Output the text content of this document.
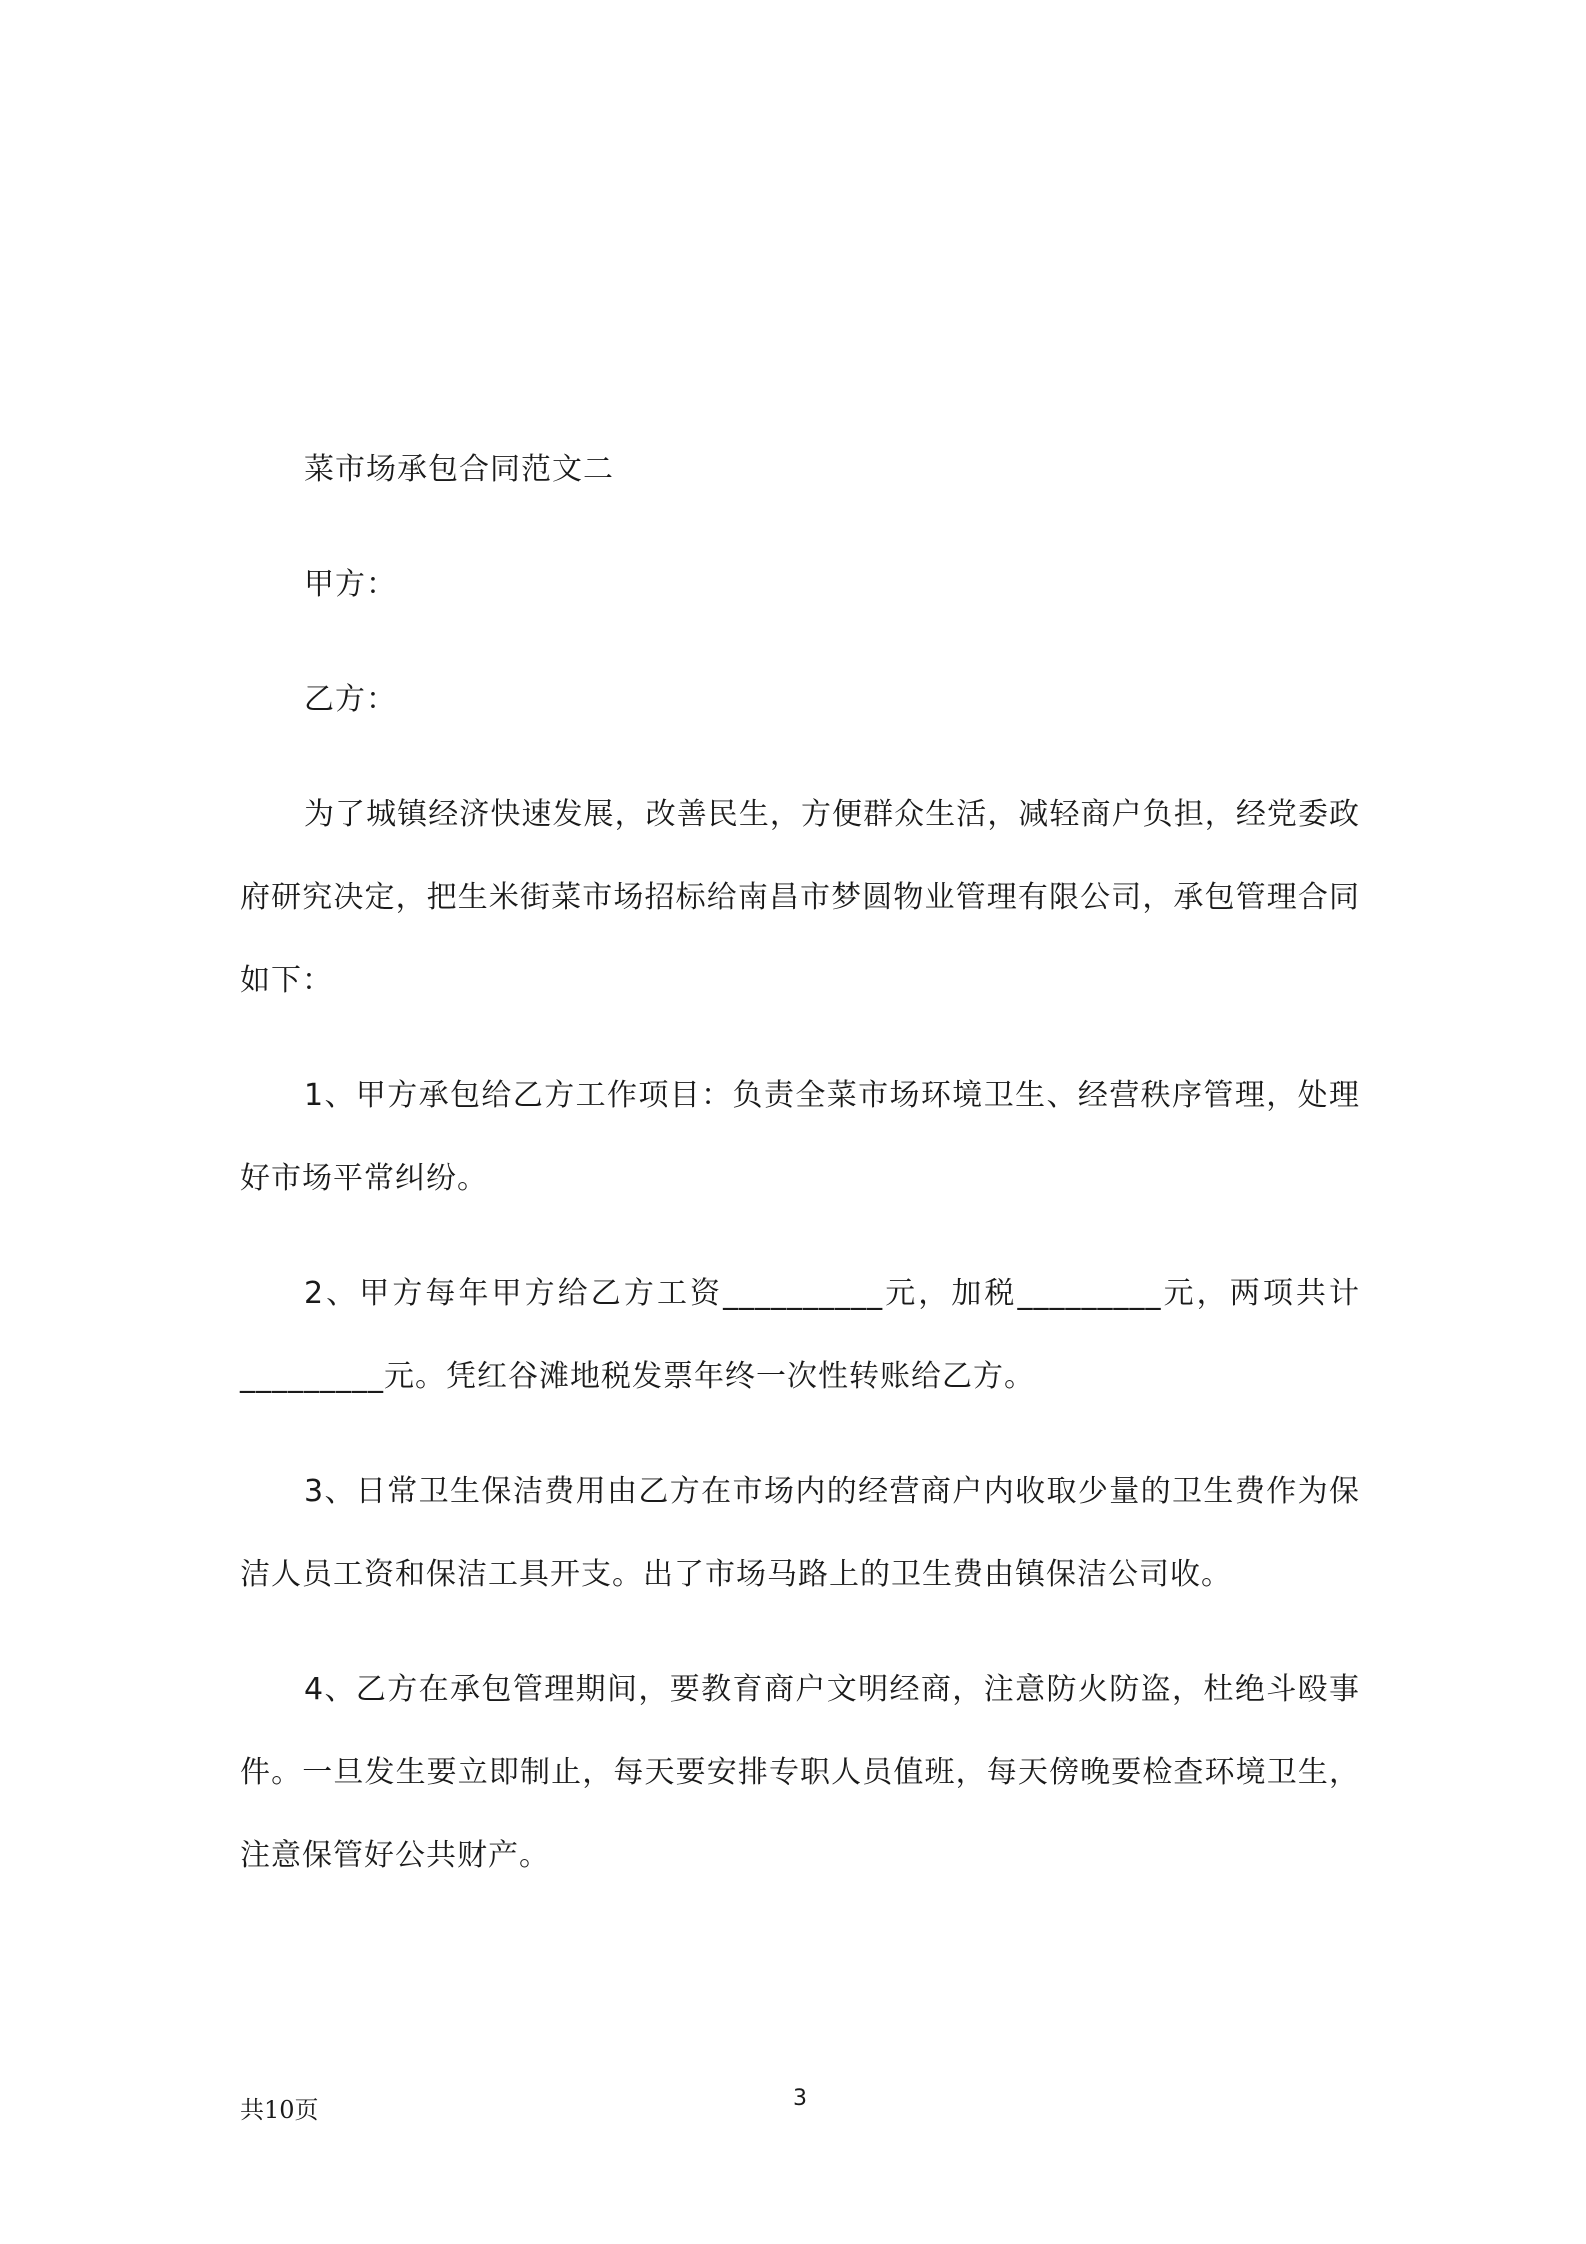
菜市场承包合同范文二

甲方：

乙方：

为了城镇经济快速发展，改善民生，方便群众生活，减轻商户负担，经党委政府研究决定，把生米街菜市场招标给南昌市梦圆物业管理有限公司，承包管理合同如下：

1、甲方承包给乙方工作项目：负责全菜市场环境卫生、经营秩序管理，处理好市场平常纠纷。

2、甲方每年甲方给乙方工资__________元，加税_________元，两项共计_________元。凭红谷滩地税发票年终一次性转账给乙方。

3、日常卫生保洁费用由乙方在市场内的经营商户内收取少量的卫生费作为保洁人员工资和保洁工具开支。出了市场马路上的卫生费由镇保洁公司收。

4、乙方在承包管理期间，要教育商户文明经商，注意防火防盗，杜绝斗殴事件。一旦发生要立即制止，每天要安排专职人员值班，每天傍晚要检查环境卫生，注意保管好公共财产。

共10页	3
